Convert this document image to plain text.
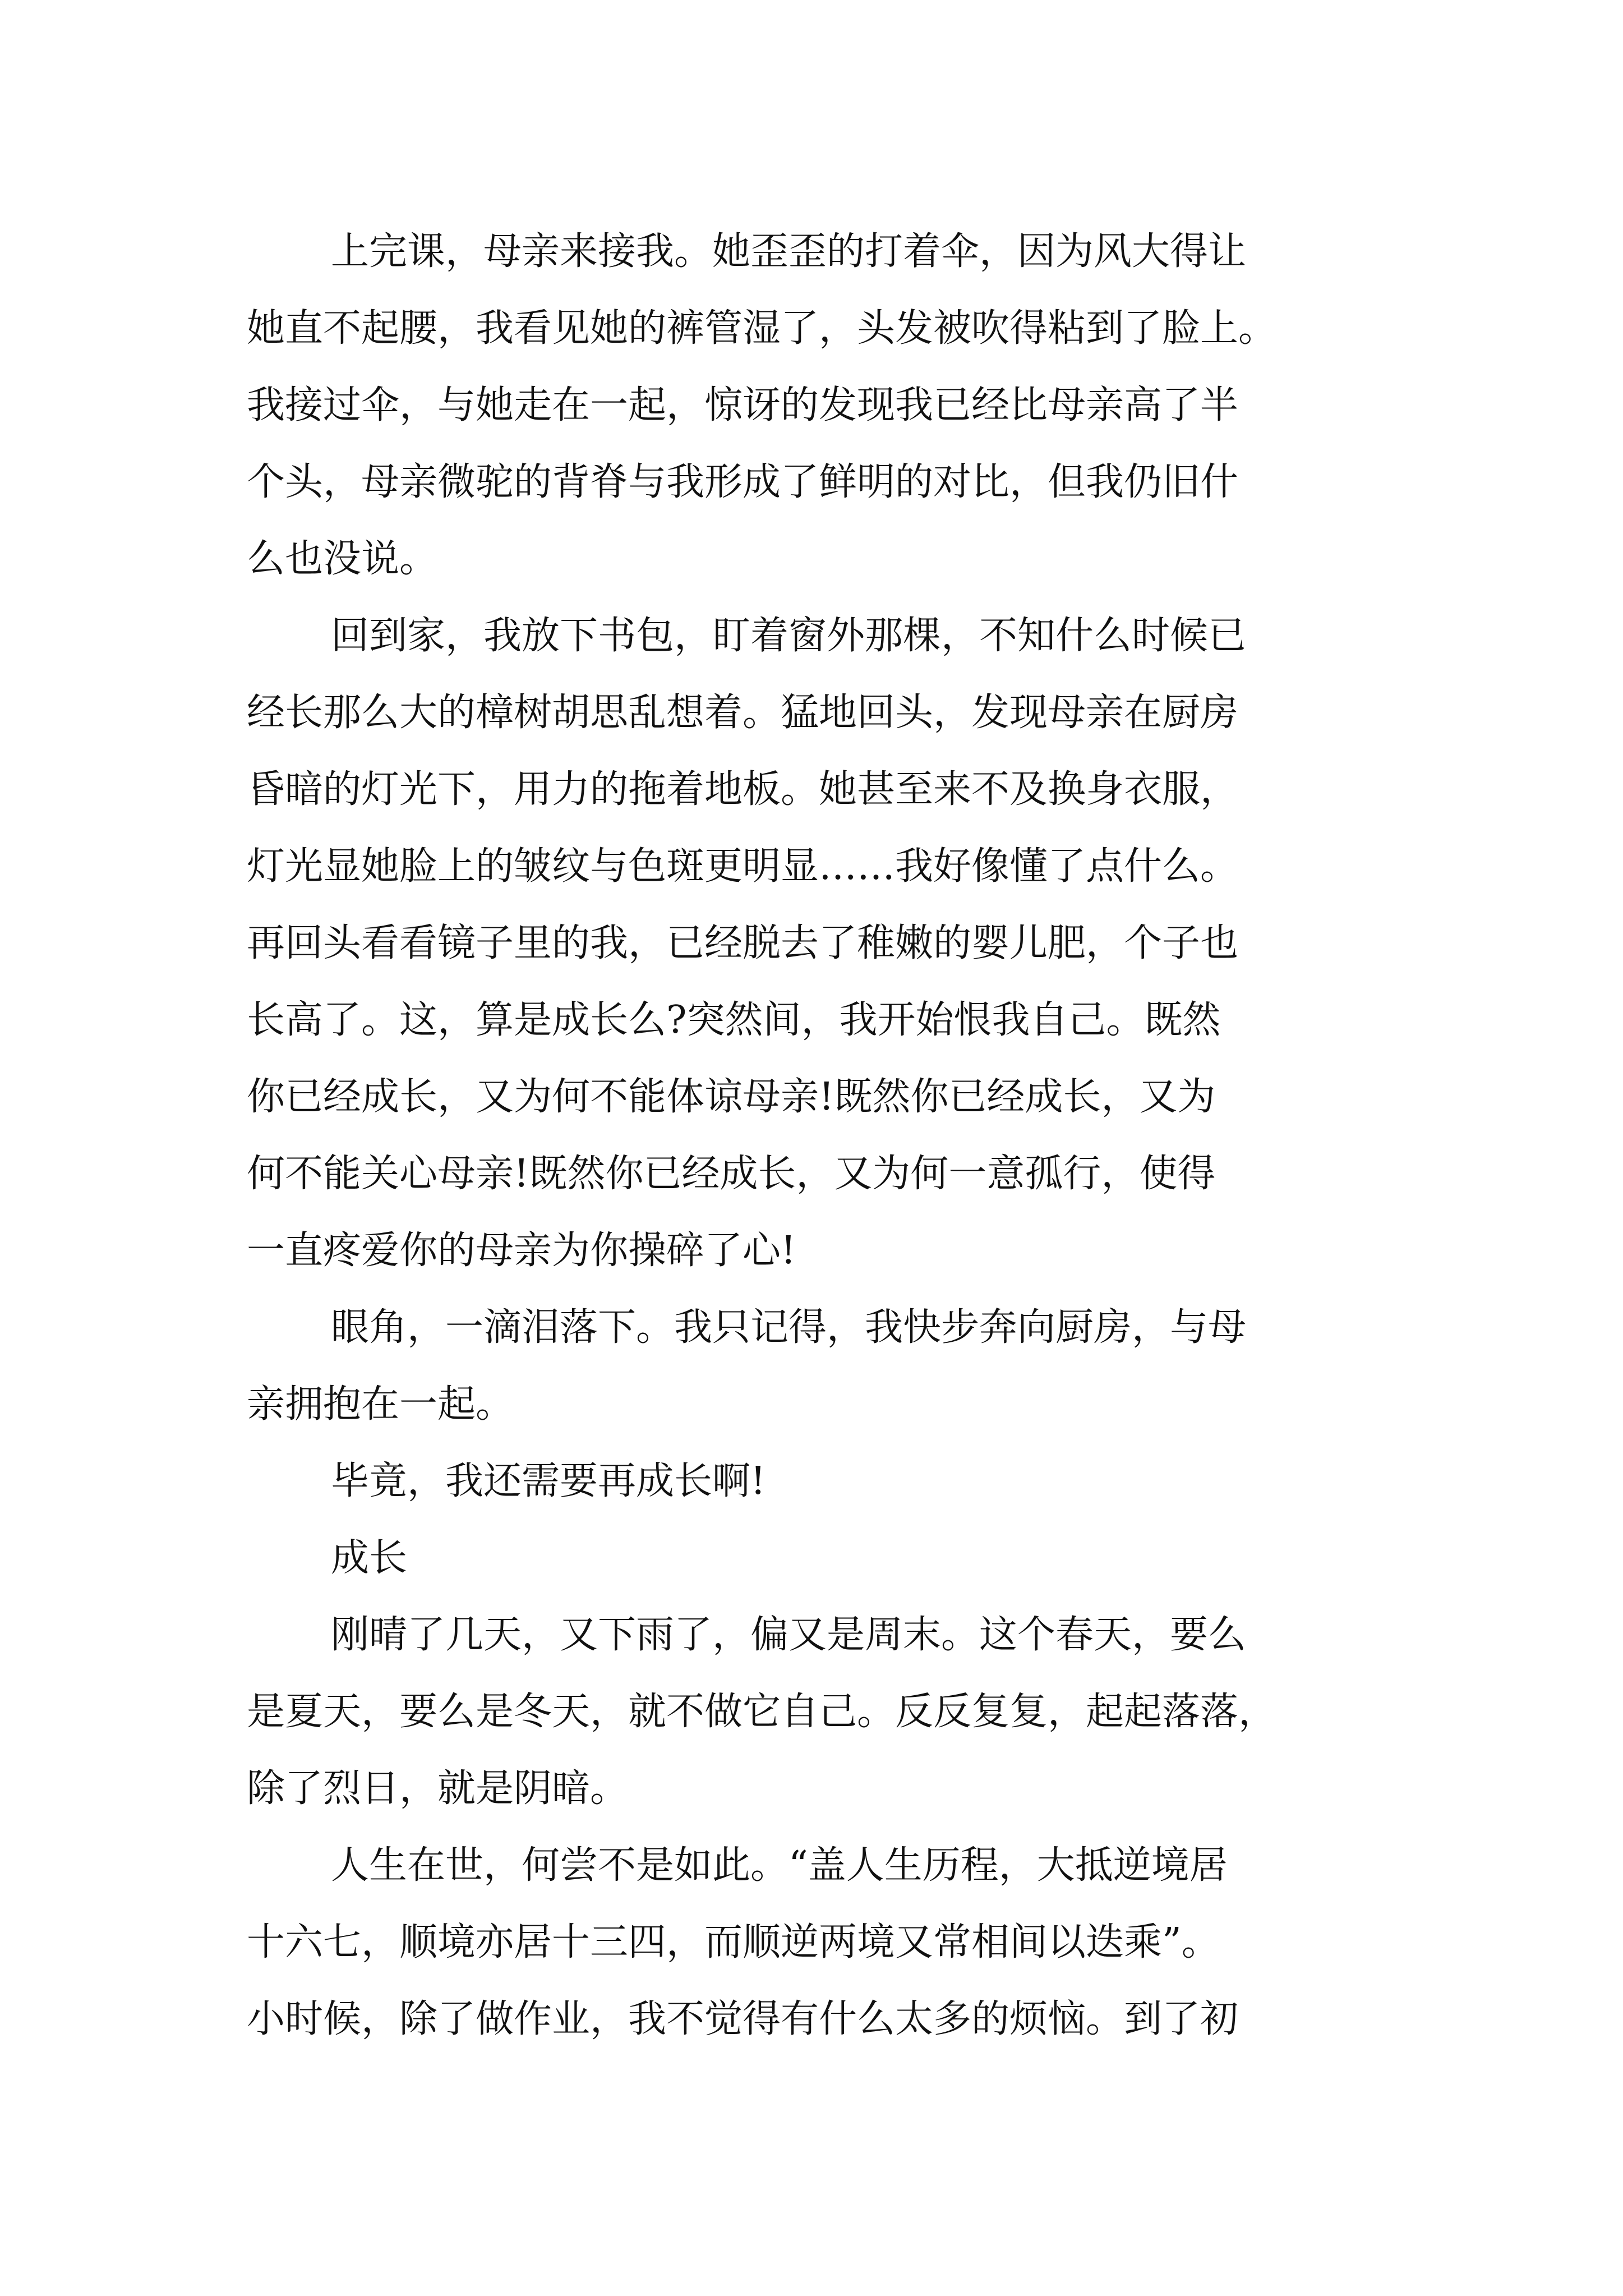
上完课，母亲来接我。她歪歪的打着伞，因为风大得让
她直不起腰，我看见她的裤管湿了，头发被吹得粘到了脸上。
我接过伞，与她走在一起，惊讶的发现我已经比母亲高了半
个头，母亲微驼的背脊与我形成了鲜明的对比，但我仍旧什
么也没说。
回到家，我放下书包，盯着窗外那棵，不知什么时候已
经长那么大的樟树胡思乱想着。猛地回头，发现母亲在厨房
昏暗的灯光下，用力的拖着地板。她甚至来不及换身衣服，
灯光显她脸上的皱纹与色斑更明显……我好像懂了点什么。
再回头看看镜子里的我，已经脱去了稚嫩的婴儿肥，个子也
长高了。这，算是成长么?突然间，我开始恨我自己。既然
你已经成长，又为何不能体谅母亲!既然你已经成长，又为
何不能关心母亲!既然你已经成长，又为何一意孤行，使得
一直疼爱你的母亲为你操碎了心!
眼角，一滴泪落下。我只记得，我快步奔向厨房，与母
亲拥抱在一起。
毕竟，我还需要再成长啊!
成长
刚晴了几天，又下雨了，偏又是周末。这个春天，要么
是夏天，要么是冬天，就不做它自己。反反复复，起起落落，
除了烈日，就是阴暗。
人生在世，何尝不是如此。“盖人生历程，大抵逆境居
十六七，顺境亦居十三四，而顺逆两境又常相间以迭乘”。
小时候，除了做作业，我不觉得有什么太多的烦恼。到了初
